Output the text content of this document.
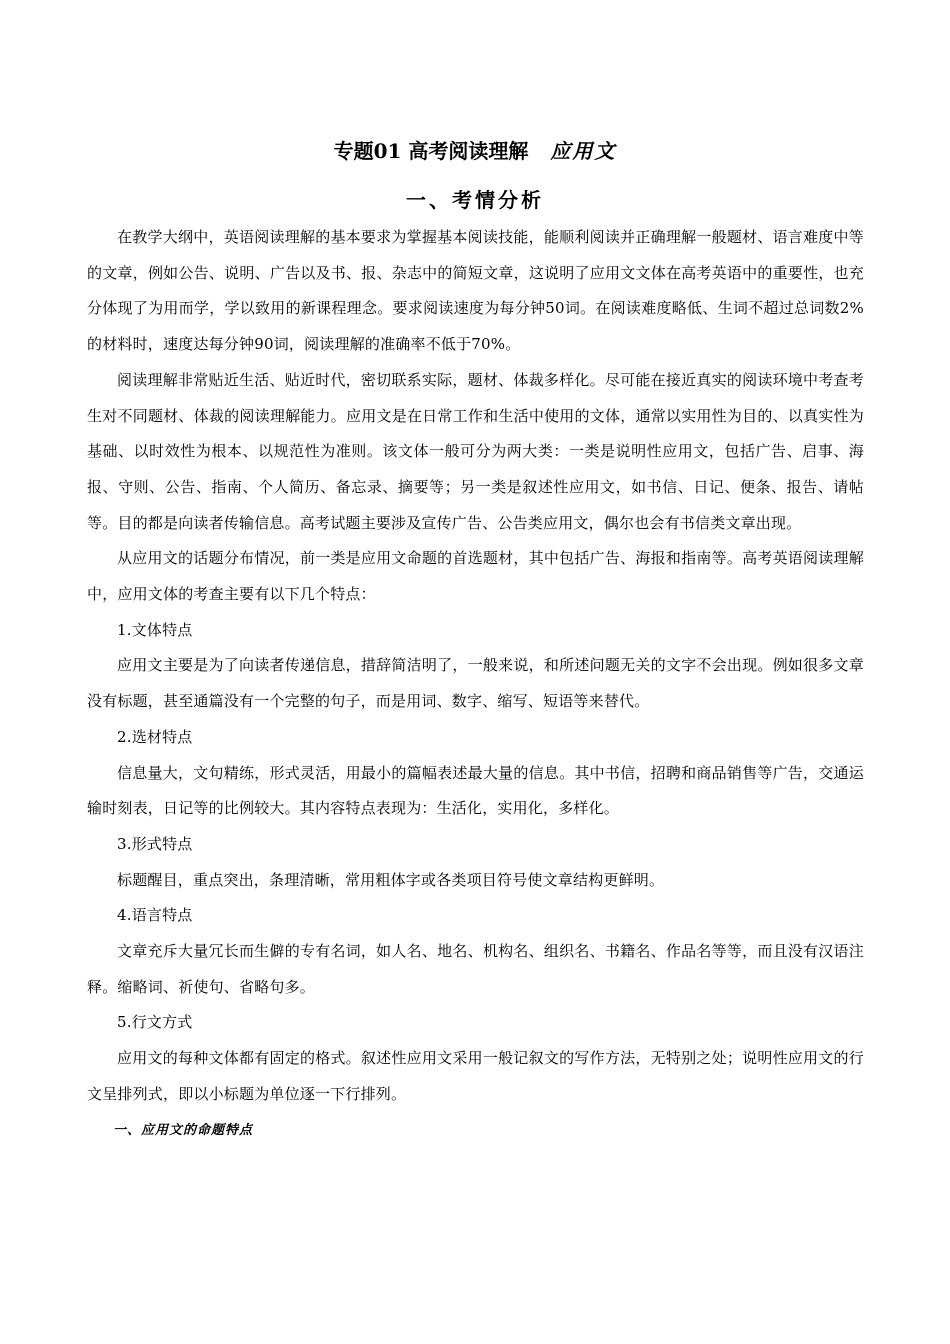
专题01 高考阅读理解 应用文
一、考情分析

在教学大纲中，英语阅读理解的基本要求为掌握基本阅读技能，能顺利阅读并正确理解一般题材、语言难度中等的文章，例如公告、说明、广告以及书、报、杂志中的简短文章，这说明了应用文文体在高考英语中的重要性，也充分体现了为用而学，学以致用的新课程理念。要求阅读速度为每分钟50词。在阅读难度略低、生词不超过总词数2%的材料时，速度达每分钟90词，阅读理解的准确率不低于70%。

阅读理解非常贴近生活、贴近时代，密切联系实际，题材、体裁多样化。尽可能在接近真实的阅读环境中考查考生对不同题材、体裁的阅读理解能力。应用文是在日常工作和生活中使用的文体，通常以实用性为目的、以真实性为基础、以时效性为根本、以规范性为准则。该文体一般可分为两大类：一类是说明性应用文，包括广告、启事、海报、守则、公告、指南、个人简历、备忘录、摘要等；另一类是叙述性应用文，如书信、日记、便条、报告、请帖等。目的都是向读者传输信息。高考试题主要涉及宣传广告、公告类应用文，偶尔也会有书信类文章出现。

从应用文的话题分布情况，前一类是应用文命题的首选题材，其中包括广告、海报和指南等。高考英语阅读理解中，应用文体的考查主要有以下几个特点：

1.文体特点

应用文主要是为了向读者传递信息，措辞简洁明了，一般来说，和所述问题无关的文字不会出现。例如很多文章没有标题，甚至通篇没有一个完整的句子，而是用词、数字、缩写、短语等来替代。

2.选材特点

信息量大，文句精练，形式灵活，用最小的篇幅表述最大量的信息。其中书信，招聘和商品销售等广告，交通运输时刻表，日记等的比例较大。其内容特点表现为：生活化，实用化，多样化。

3.形式特点

标题醒目，重点突出，条理清晰，常用粗体字或各类项目符号使文章结构更鲜明。

4.语言特点

文章充斥大量冗长而生僻的专有名词，如人名、地名、机构名、组织名、书籍名、作品名等等，而且没有汉语注释。缩略词、祈使句、省略句多。

5.行文方式

应用文的每种文体都有固定的格式。叙述性应用文采用一般记叙文的写作方法，无特别之处；说明性应用文的行文呈排列式，即以小标题为单位逐一下行排列。

一、应用文的命题特点
